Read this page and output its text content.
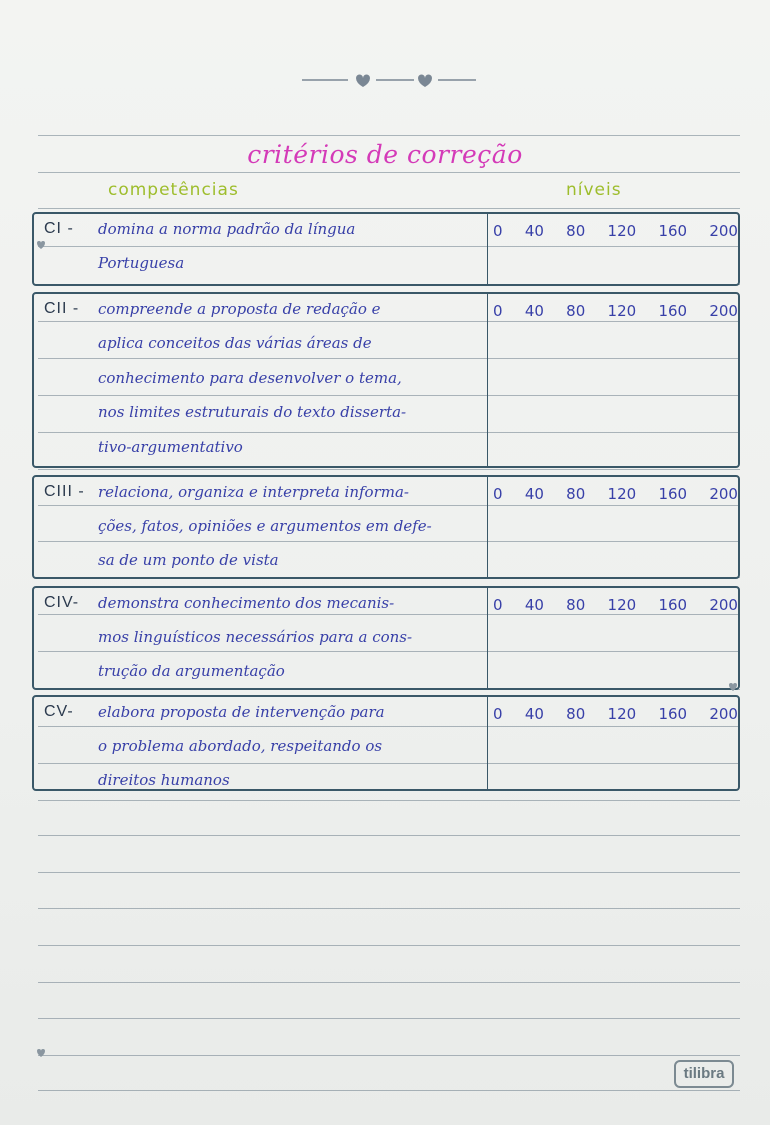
critérios de correção
competências	níveis
CI - domina a norma padrão da língua
Portuguesa
0 40 80 120 160 200
CII - compreende a proposta de redação e
aplica conceitos das várias áreas de
conhecimento para desenvolver o tema,
nos limites estruturais do texto disserta-
tivo-argumentativo
0 40 80 120 160 200
CIII - relaciona, organiza e interpreta informa-
ções, fatos, opiniões e argumentos em defe-
sa de um ponto de vista
0 40 80 120 160 200
CIV- demonstra conhecimento dos mecanis-
mos linguísticos necessários para a cons-
trução da argumentação
0 40 80 120 160 200
CV- elabora proposta de intervenção para
o problema abordado, respeitando os
direitos humanos
0 40 80 120 160 200
tilibra
